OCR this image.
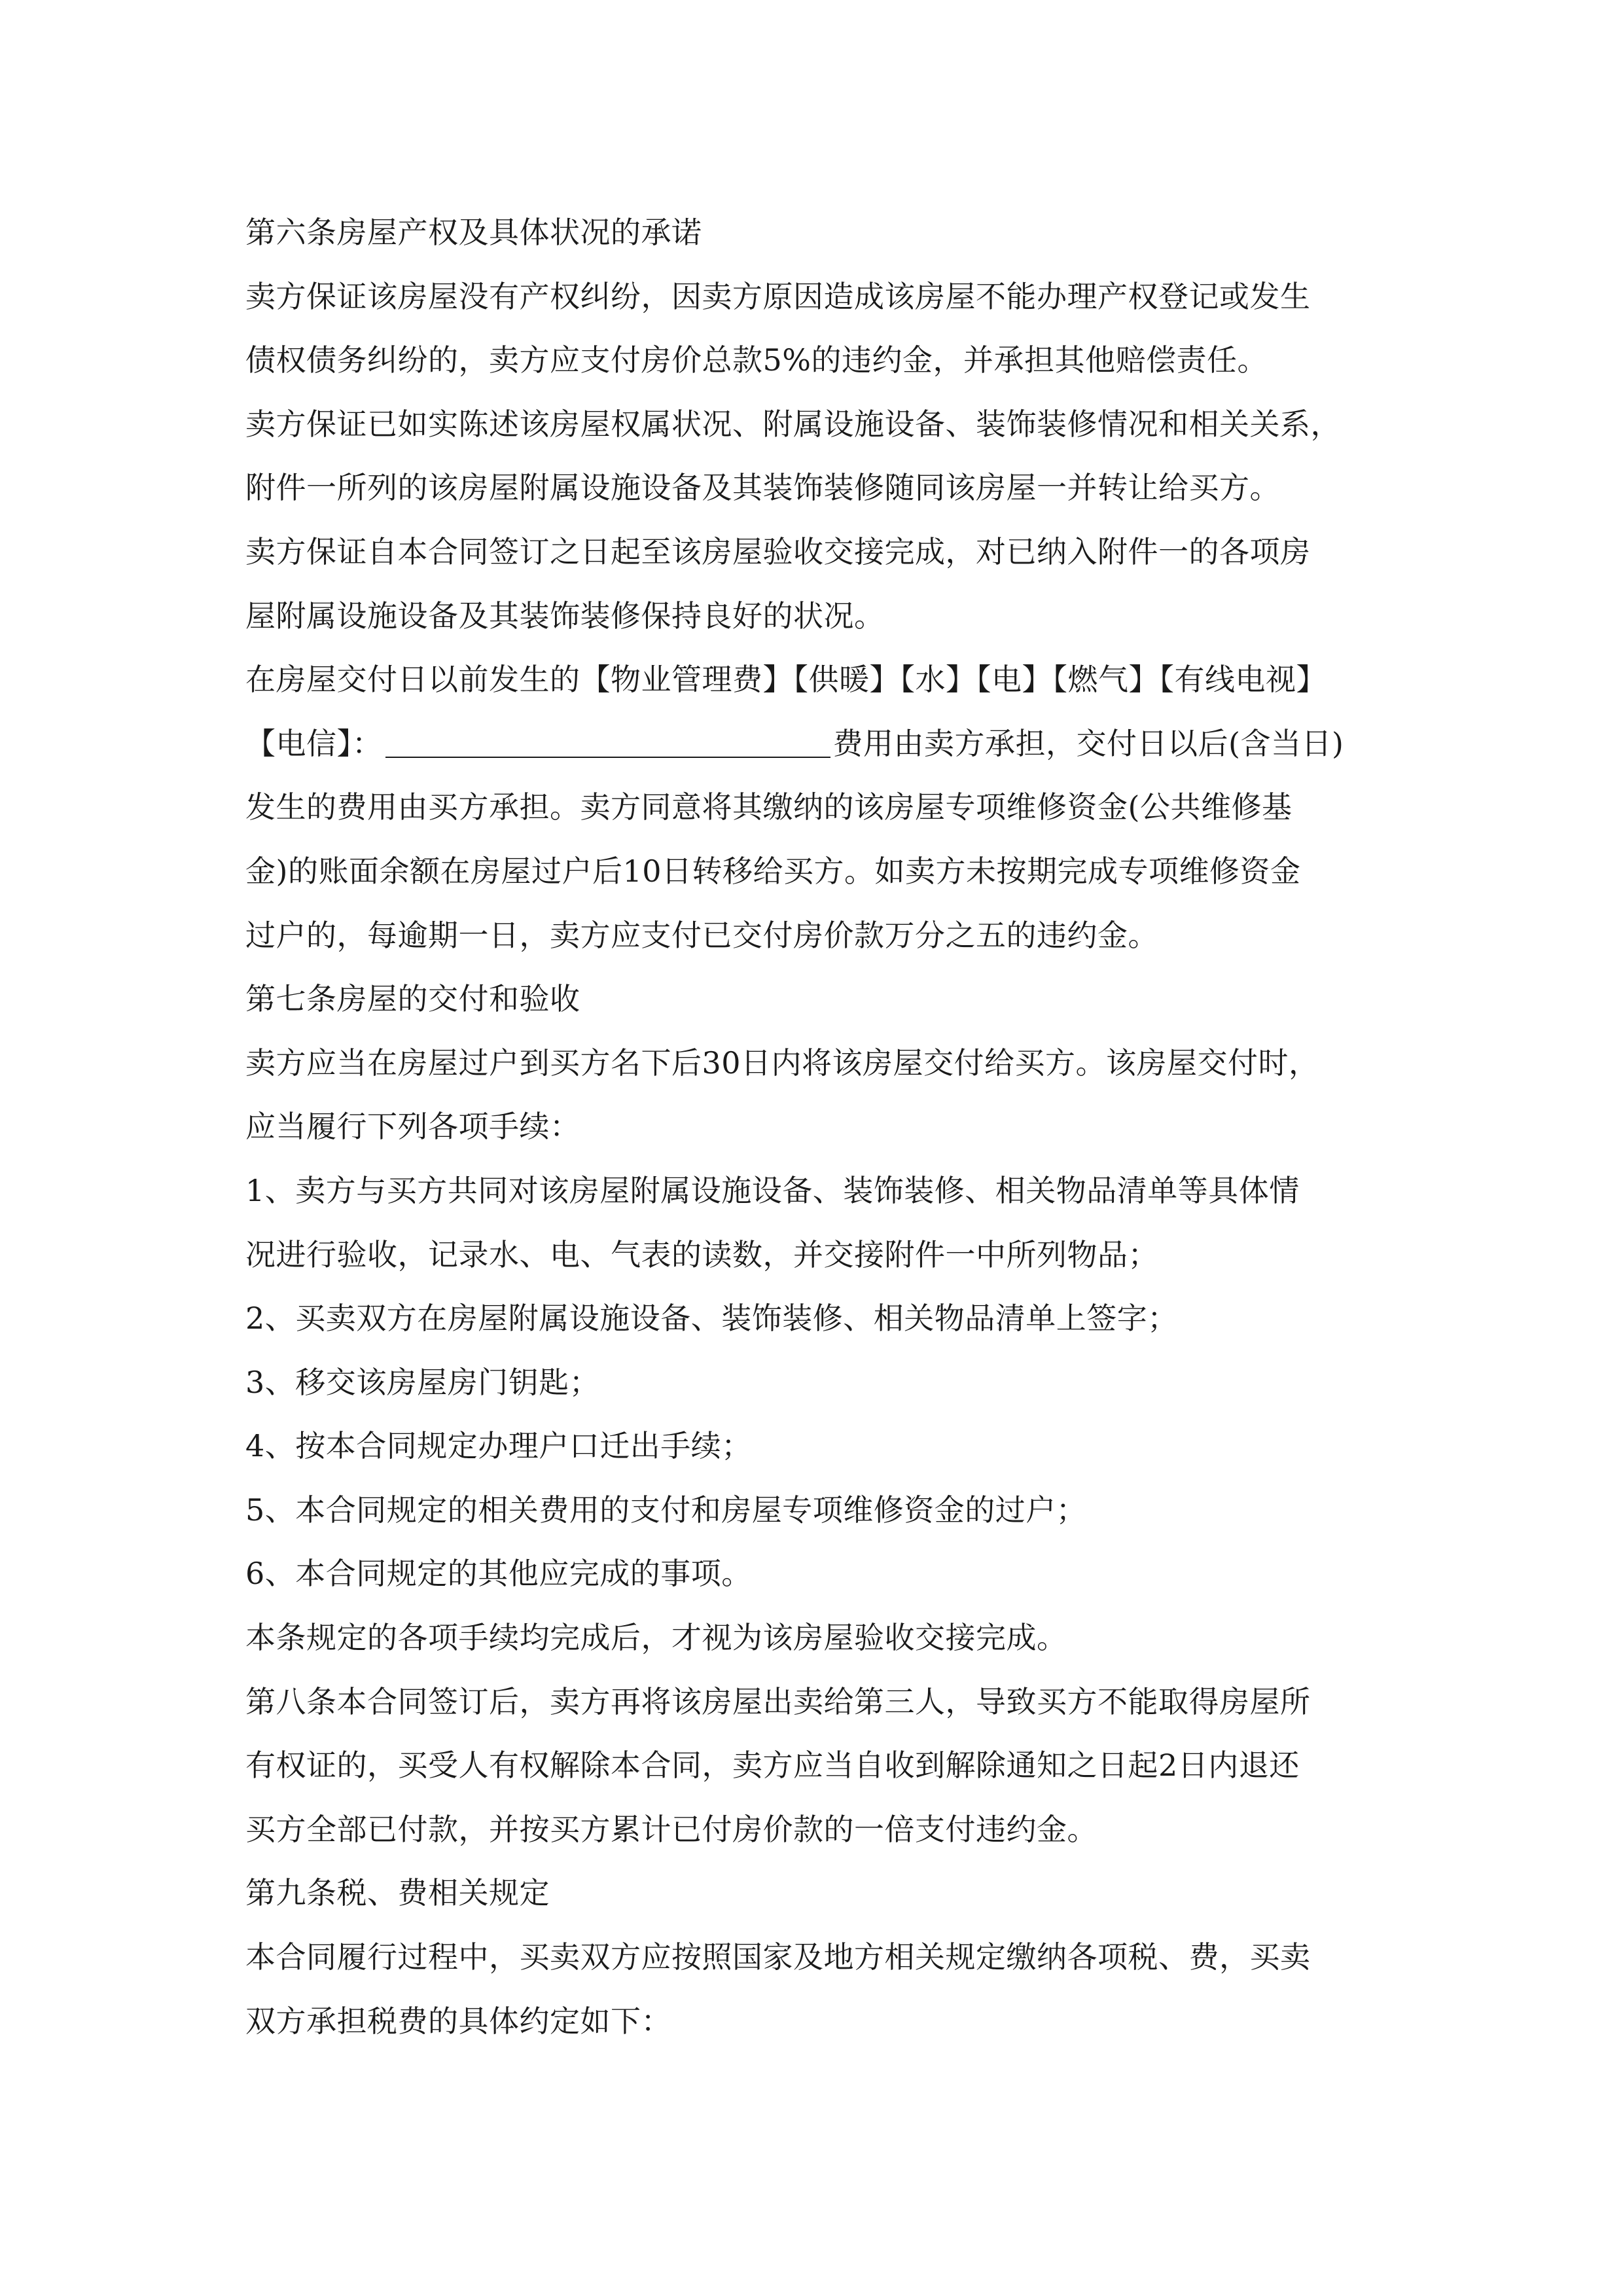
第六条房屋产权及具体状况的承诺
卖方保证该房屋没有产权纠纷，因卖方原因造成该房屋不能办理产权登记或发生
债权债务纠纷的，卖方应支付房价总款5%的违约金，并承担其他赔偿责任。
卖方保证已如实陈述该房屋权属状况、附属设施设备、装饰装修情况和相关关系，
附件一所列的该房屋附属设施设备及其装饰装修随同该房屋一并转让给买方。
卖方保证自本合同签订之日起至该房屋验收交接完成，对已纳入附件一的各项房
屋附属设施设备及其装饰装修保持良好的状况。
在房屋交付日以前发生的【物业管理费】【供暖】【水】【电】【燃气】【有线电视】
【电信】：	费用由卖方承担，交付日以后(含当日)
发生的费用由买方承担。卖方同意将其缴纳的该房屋专项维修资金(公共维修基
金)的账面余额在房屋过户后10日转移给买方。如卖方未按期完成专项维修资金
过户的，每逾期一日，卖方应支付已交付房价款万分之五的违约金。
第七条房屋的交付和验收
卖方应当在房屋过户到买方名下后30日内将该房屋交付给买方。该房屋交付时，
应当履行下列各项手续：
1、卖方与买方共同对该房屋附属设施设备、装饰装修、相关物品清单等具体情
况进行验收，记录水、电、气表的读数，并交接附件一中所列物品；
2、买卖双方在房屋附属设施设备、装饰装修、相关物品清单上签字；
3、移交该房屋房门钥匙；
4、按本合同规定办理户口迁出手续；
5、本合同规定的相关费用的支付和房屋专项维修资金的过户；
6、本合同规定的其他应完成的事项。
本条规定的各项手续均完成后，才视为该房屋验收交接完成。
第八条本合同签订后，卖方再将该房屋出卖给第三人，导致买方不能取得房屋所
有权证的，买受人有权解除本合同，卖方应当自收到解除通知之日起2日内退还
买方全部已付款，并按买方累计已付房价款的一倍支付违约金。
第九条税、费相关规定
本合同履行过程中，买卖双方应按照国家及地方相关规定缴纳各项税、费，买卖
双方承担税费的具体约定如下：
